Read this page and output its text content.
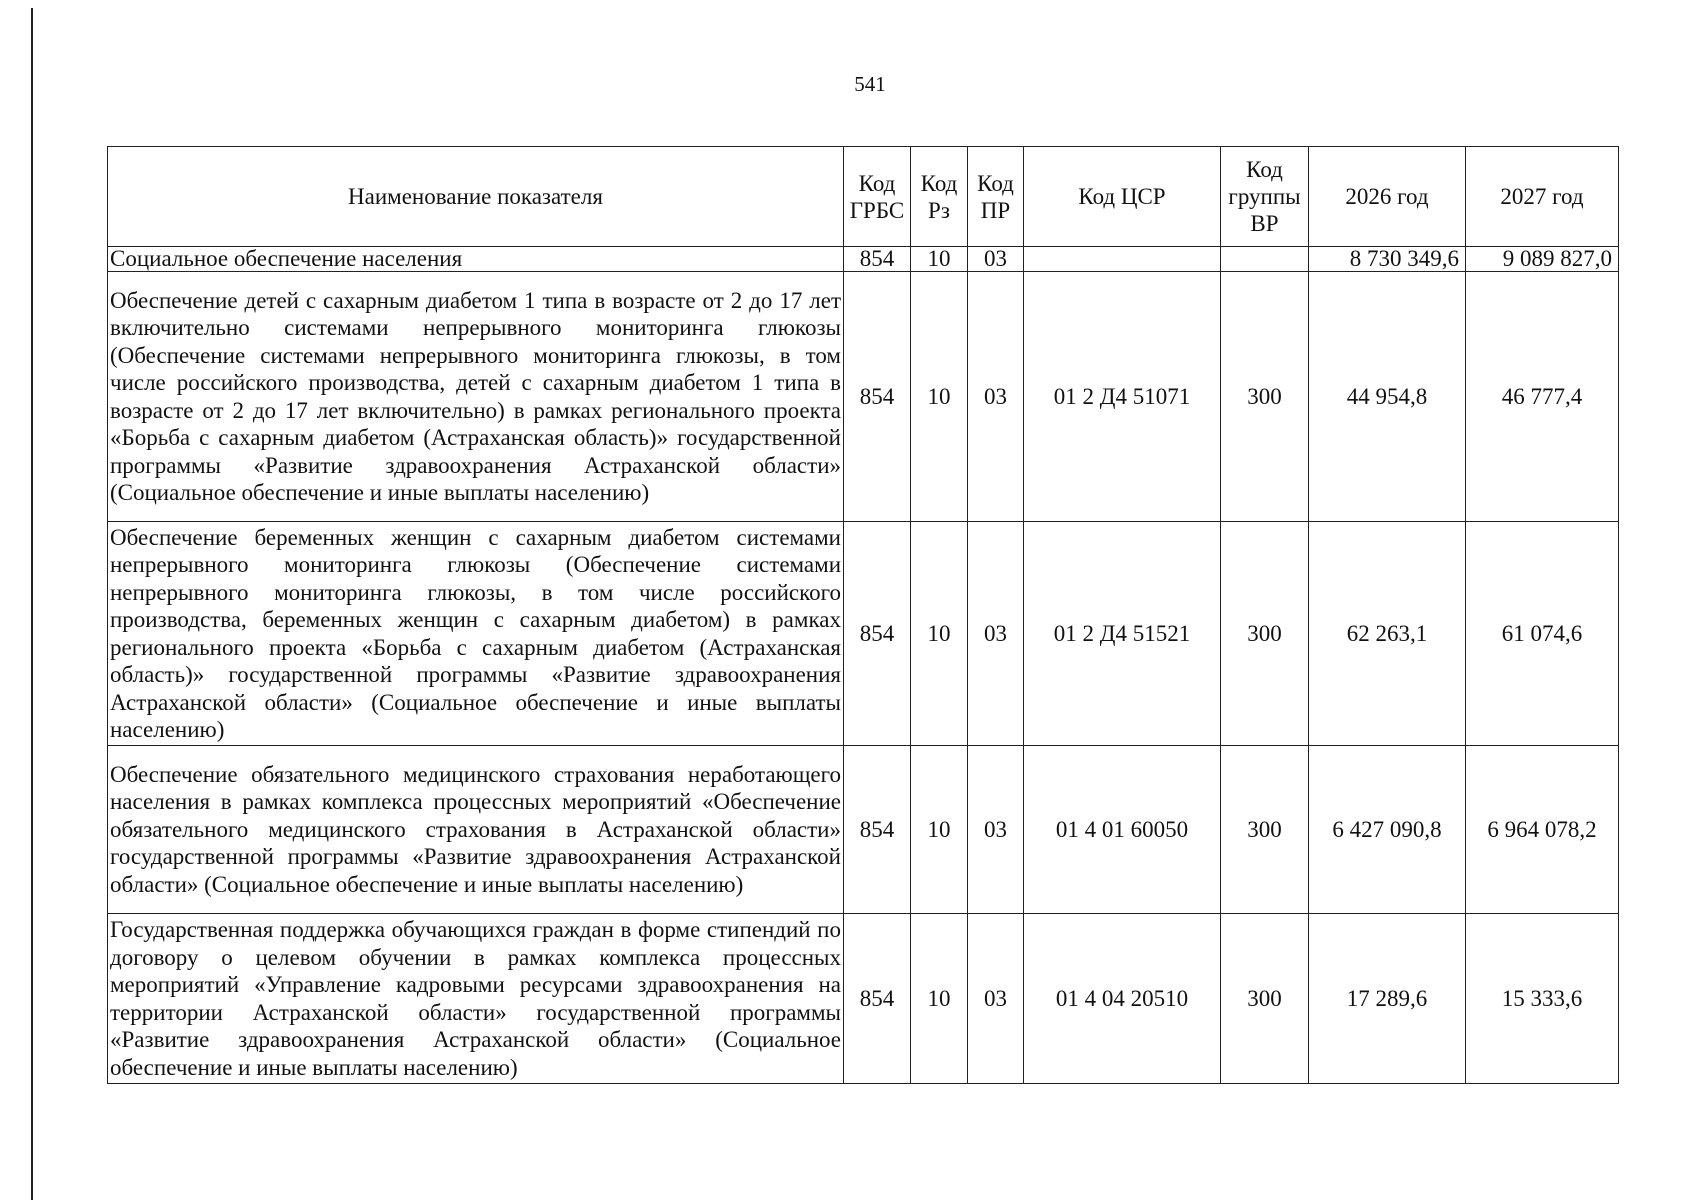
541
Наименование показателя	Код ГРБС	Код Рз	Код ПР	Код ЦСР	Код группы ВР	2026 год	2027 год
Социальное обеспечение населения	854	10	03			8 730 349,6	9 089 827,0
Обеспечение детей с сахарным диабетом 1 типа в возрасте от 2 до 17 лет включительно системами непрерывного мониторинга глюкозы (Обеспечение системами непрерывного мониторинга глюкозы, в том числе российского производства, детей с сахарным диабетом 1 типа в возрасте от 2 до 17 лет включительно) в рамках регионального проекта «Борьба с сахарным диабетом (Астраханская область)» государственной программы «Развитие здравоохранения Астраханской области» (Социальное обеспечение и иные выплаты населению)	854	10	03	01 2 Д4 51071	300	44 954,8	46 777,4
Обеспечение беременных женщин с сахарным диабетом системами непрерывного мониторинга глюкозы (Обеспечение системами непрерывного мониторинга глюкозы, в том числе российского производства, беременных женщин с сахарным диабетом) в рамках регионального проекта «Борьба с сахарным диабетом (Астраханская область)» государственной программы «Развитие здравоохранения Астраханской области» (Социальное обеспечение и иные выплаты населению)	854	10	03	01 2 Д4 51521	300	62 263,1	61 074,6
Обеспечение обязательного медицинского страхования неработающего населения в рамках комплекса процессных мероприятий «Обеспечение обязательного медицинского страхования в Астраханской области» государственной программы «Развитие здравоохранения Астраханской области» (Социальное обеспечение и иные выплаты населению)	854	10	03	01 4 01 60050	300	6 427 090,8	6 964 078,2
Государственная поддержка обучающихся граждан в форме стипендий по договору о целевом обучении в рамках комплекса процессных мероприятий «Управление кадровыми ресурсами здравоохранения на территории Астраханской области» государственной программы «Развитие здравоохранения Астраханской области» (Социальное обеспечение и иные выплаты населению)	854	10	03	01 4 04 20510	300	17 289,6	15 333,6
